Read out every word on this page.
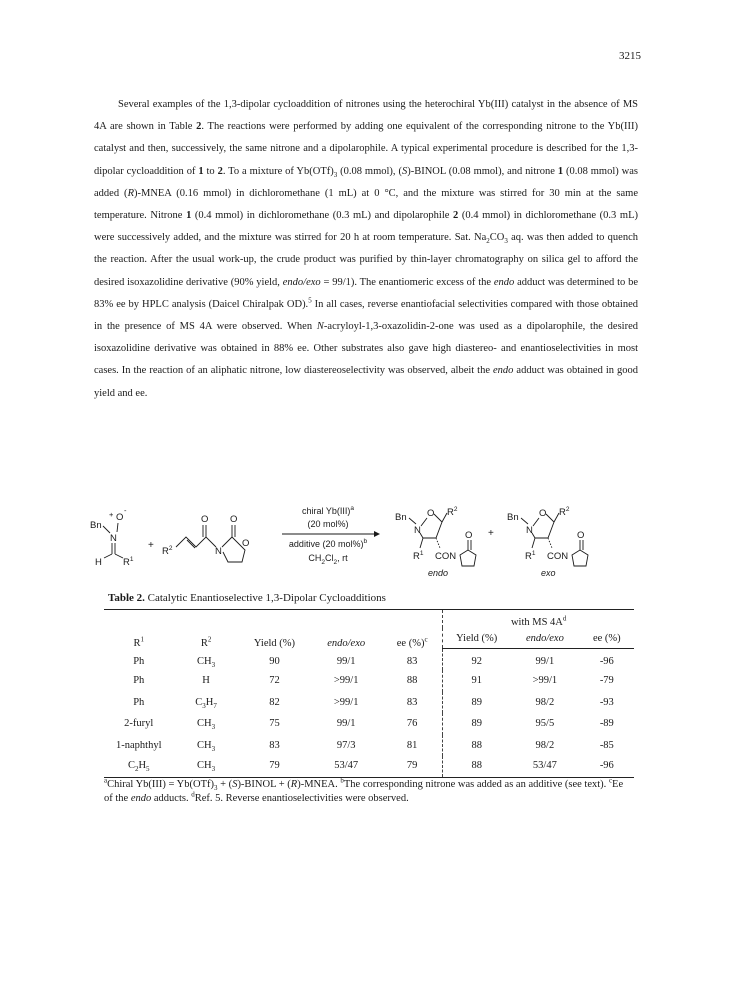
3215

Several examples of the 1,3-dipolar cycloaddition of nitrones using the heterochiral Yb(III) catalyst in the absence of MS 4A are shown in Table 2. The reactions were performed by adding one equivalent of the corresponding nitrone to the Yb(III) catalyst and then, successively, the same nitrone and a dipolarophile. A typical experimental procedure is described for the 1,3-dipolar cycloaddition of 1 to 2. To a mixture of $Yb(OTf)_3$ (0.08 mmol), (S)-BINOL (0.08 mmol), and nitrone 1 (0.08 mmol) was added (R)-MNEA (0.16 mmol) in dichloromethane (1 mL) at 0 °C, and the mixture was stirred for 30 min at the same temperature. Nitrone 1 (0.4 mmol) in dichloromethane (0.3 mL) and dipolarophile 2 (0.4 mmol) in dichloromethane (0.3 mL) were successively added, and the mixture was stirred for 20 h at room temperature. Sat. $Na_2CO_3$ aq. was then added to quench the reaction. After the usual work-up, the crude product was purified by thin-layer chromatography on silica gel to afford the desired isoxazolidine derivative (90% yield, endo/exo = 99/1). The enantiomeric excess of the endo adduct was determined to be 83% ee by HPLC analysis (Daicel Chiralpak OD).$^5$ In all cases, reverse enantiofacial selectivities compared with those obtained in the presence of MS 4A were observed. When N-acryloyl-1,3-oxazolidin-2-one was used as a dipolarophile, the desired isoxazolidine derivative was obtained in 88% ee. Other substrates also gave high diastereo- and enantioselectivities in most cases. In the reaction of an aliphatic nitrone, low diastereoselectivity was observed, albeit the endo adduct was obtained in good yield and ee.

Bn
+ O
-
N
H $R^1$
+
$R^2$
O
N
O
O
chiral Yb(III)$^a$
(20 mol%)
additive (20 mol%)$^b$
$CH_2Cl_2$, rt
Bn
N
O $R^2$
$R^1$ CON
O
endo
+
Bn
N
O $R^2$
$R^1$ CON
O
exo
Table 2. Catalytic Enantioselective 1,3-Dipolar Cycloadditions
$R^1$	$R^2$	Yield (%)	endo/exo	ee (%)$^c$	with MS $4A^d$
					Yield (%)	endo/exo	ee (%)
Ph	$CH_3$	90	99/1	83	92	99/1	-96
Ph	H	72	>99/1	88	91	>99/1	-79
Ph	$C_3H_7$	82	>99/1	83	89	98/2	-93
2-furyl	$CH_3$	75	99/1	76	89	95/5	-89
1-naphthyl	$CH_3$	83	97/3	81	88	98/2	-85
$C_2H_5$	$CH_3$	79	53/47	79	88	53/47	-96
$^a$Chiral $Yb(III) = Yb(OTf)_3$ + (S)-BINOL + (R)-MNEA. $^b$The corresponding nitrone was added as an additive (see text). $^c$Ee of the endo adducts. $^d$Ref. 5. Reverse enantioselectivities were observed.
